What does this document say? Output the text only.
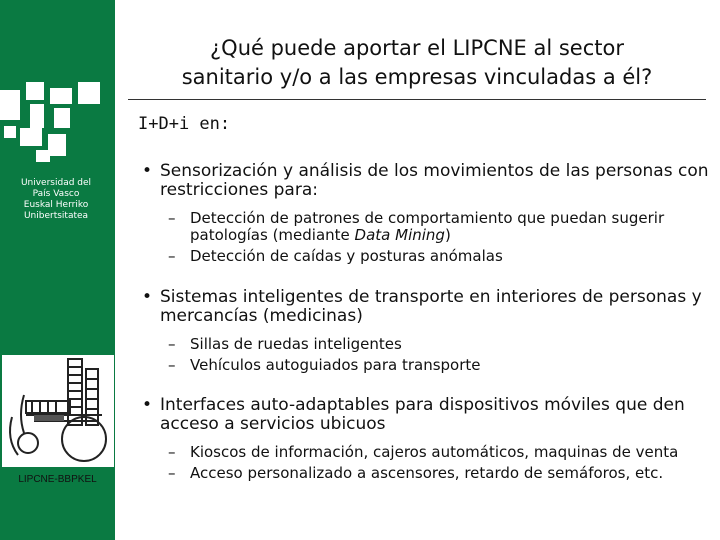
Universidad del
País Vasco
Euskal Herriko
Unibertsitatea
LIPCNE-BBPKEL
¿Qué puede aportar el LIPCNE al sector
sanitario y/o a las empresas vinculadas a él?
I+D+i en:
• Sensorización y análisis de los movimientos de las personas con restricciones para:
– Detección de patrones de comportamiento que puedan sugerir patologías (mediante Data Mining)
– Detección de caídas y posturas anómalas
• Sistemas inteligentes de transporte en interiores de personas y mercancías (medicinas)
– Sillas de ruedas inteligentes
– Vehículos autoguiados para transporte
• Interfaces auto-adaptables para dispositivos móviles que den acceso a servicios ubicuos
– Kioscos de información, cajeros automáticos, maquinas de venta
– Acceso personalizado a ascensores, retardo de semáforos, etc.
